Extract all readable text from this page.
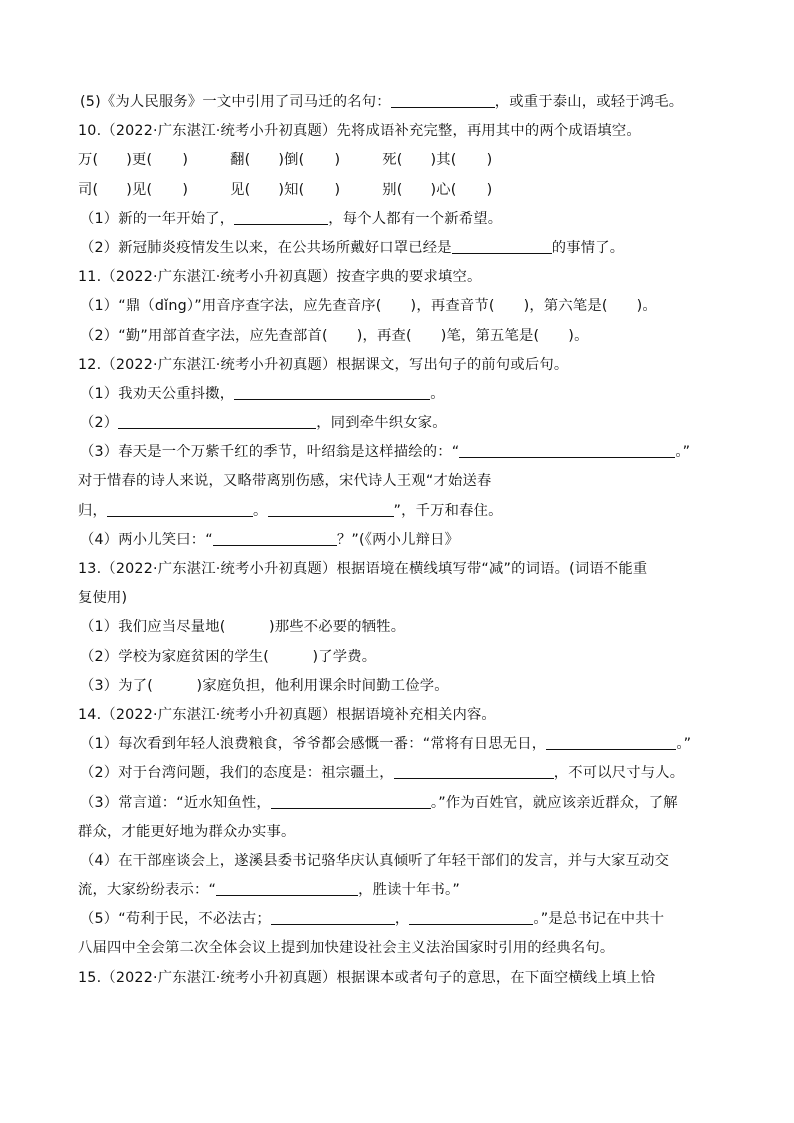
(5)《为人民服务》一文中引用了司马迁的名句：	，或重于泰山，或轻于鸿毛。
10.（2022·广东湛江·统考小升初真题）先将成语补充完整，再用其中的两个成语填空。
万( )更( )	翻( )倒( )	死( )其( )
司( )见( )	见( )知( )	别( )心( )
（1）新的一年开始了，	，每个人都有一个新希望。
（2）新冠肺炎疫情发生以来，在公共场所戴好口罩已经是	的事情了。
11.（2022·广东湛江·统考小升初真题）按查字典的要求填空。
（1）“鼎（dǐng）”用音序查字法，应先查音序(　　)，再查音节(　　)，第六笔是(　　)。
（2）“勤”用部首查字法，应先查部首(　　)，再查(　　)笔，第五笔是(　　)。
12.（2022·广东湛江·统考小升初真题）根据课文，写出句子的前句或后句。
（1）我劝天公重抖擞，	。
（2）	，同到牵牛织女家。
（3）春天是一个万紫千红的季节，叶绍翁是这样描绘的：“	。”
对于惜春的诗人来说，又略带离别伤感，宋代诗人王观“才始送春
归，	。	”，千万和春住。
（4）两小儿笑曰：“	？”(《两小儿辩日》
13.（2022·广东湛江·统考小升初真题）根据语境在横线填写带“减”的词语。(词语不能重
复使用)
（1）我们应当尽量地(　　　)那些不必要的牺牲。
（2）学校为家庭贫困的学生(　　　)了学费。
（3）为了(　　　)家庭负担，他利用课余时间勤工俭学。
14.（2022·广东湛江·统考小升初真题）根据语境补充相关内容。
（1）每次看到年轻人浪费粮食，爷爷都会感慨一番：“常将有日思无日，	。”
（2）对于台湾问题，我们的态度是：祖宗疆土，	，不可以尺寸与人。
（3）常言道：“近水知鱼性，	。”作为百姓官，就应该亲近群众，了解
群众，才能更好地为群众办实事。
（4）在干部座谈会上，遂溪县委书记骆华庆认真倾听了年轻干部们的发言，并与大家互动交
流，大家纷纷表示：“	，胜读十年书。”
（5）“苟利于民，不必法古；	，	。”是总书记在中共十
八届四中全会第二次全体会议上提到加快建设社会主义法治国家时引用的经典名句。
15.（2022·广东湛江·统考小升初真题）根据课本或者句子的意思，在下面空横线上填上恰
